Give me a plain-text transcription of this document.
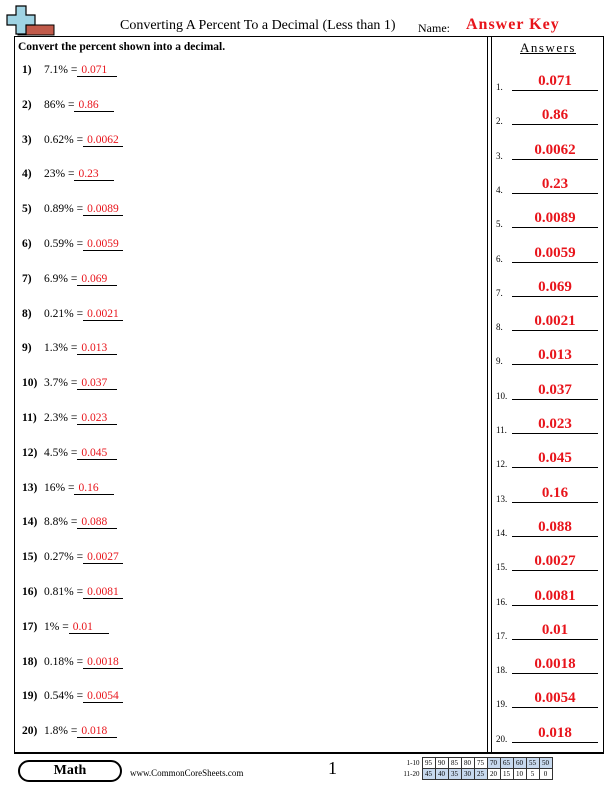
Converting A Percent To a Decimal (Less than 1) Name: Answer Key
Convert the percent shown into a decimal.	Answers
1) 7.1% = 0.071
2) 86% = 0.86
3) 0.62% = 0.0062
4) 23% = 0.23
5) 0.89% = 0.0089
6) 0.59% = 0.0059
7) 6.9% = 0.069
8) 0.21% = 0.0021
9) 1.3% = 0.013
10) 3.7% = 0.037
11) 2.3% = 0.023
12) 4.5% = 0.045
13) 16% = 0.16
14) 8.8% = 0.088
15) 0.27% = 0.0027
16) 0.81% = 0.0081
17) 1% = 0.01
18) 0.18% = 0.0018
19) 0.54% = 0.0054
20) 1.8% = 0.018
1.	0.071
2.	0.86
3.	0.0062
4.	0.23
5.	0.0089
6.	0.0059
7.	0.069
8.	0.0021
9.	0.013
10.	0.037
11.	0.023
12.	0.045
13.	0.16
14.	0.088
15.	0.0027
16.	0.0081
17.	0.01
18.	0.0018
19.	0.0054
20.	0.018
Math	www.CommonCoreSheets.com	1	1-10	95	90	85	80	75	70	65	60	55	50
11-20	45	40	35	30	25	20	15	10	5	0
